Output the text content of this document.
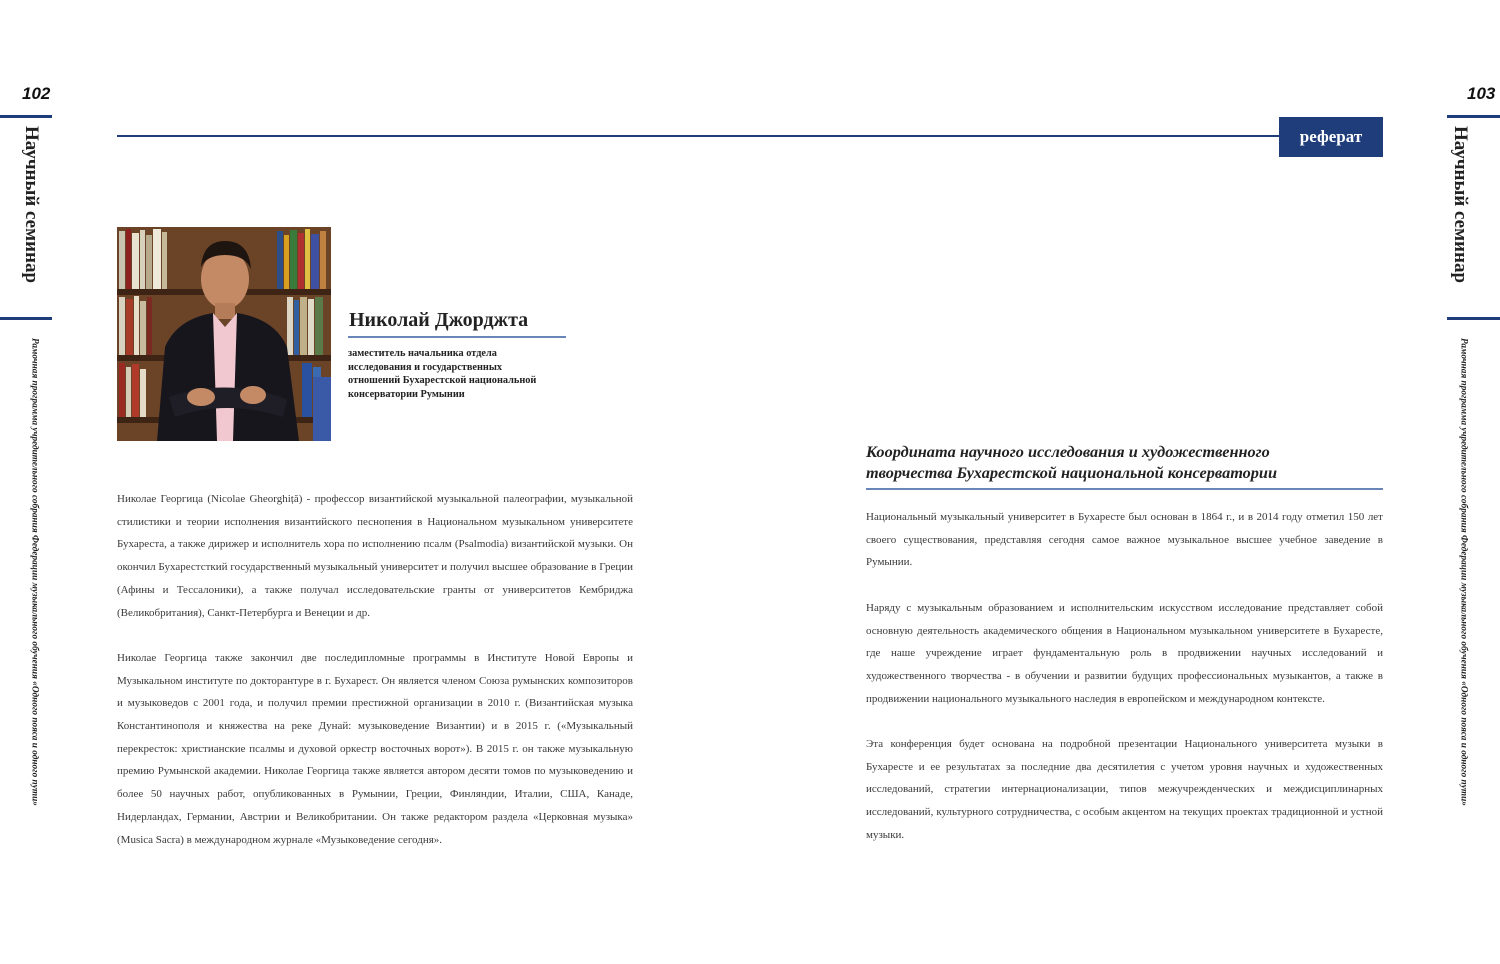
102
Научный семинар
Рамочная программа учредительного собрания Федерации музыкального обучения «Одного пояса и одного пути»
103
Научный семинар
Рамочная программа учредительного собрания Федерации музыкального обучения «Одного пояса и одного пути»
реферат
Николай Джорджта
заместитель начальника отдела
исследования и государственных
отношений Бухарестской национальной
консерватории Румынии

Николае Георгица (Nicolae Gheorghiță) - профессор византийской музыкальной палеографии, музыкальной стилистики и теории исполнения византийского песнопения в Национальном музыкальном университете Бухареста, а также дирижер и исполнитель хора по исполнению псалм (Psalmodia) византийской музыки. Он окончил Бухарестсткий государственный музыкальный университет и получил высшее образование в Греции (Афины и Тессалоники), а также получал исследовательские гранты от университетов Кембриджа (Великобритания), Санкт-Петербурга и Венеции и др.

Николае Георгица также закончил две последипломные программы в Институте Новой Европы и Музыкальном институте по докторантуре в г. Бухарест. Он является членом Союза румынских композиторов и музыковедов с 2001 года, и получил премии престижной организации в 2010 г. (Византийская музыка Константинополя и княжества на реке Дунай: музыковедение Византии) и в 2015 г. («Музыкальный перекресток: христианские псалмы и духовой оркестр восточных ворот»). В 2015 г. он также музыкальную премию Румынской академии. Николае Георгица также является автором десяти томов по музыковедению и более 50 научных работ, опубликованных в Румынии, Греции, Финляндии, Италии, США, Канаде, Нидерландах, Германии, Австрии и Великобритании. Он также редактором раздела «Церковная музыка» (Musica Sacra) в международном журнале «Музыковедение сегодня».

Координата научного исследования и художественного
творчества Бухарестской национальной консерватории

Национальный музыкальный университет в Бухаресте был основан в 1864 г., и в 2014 году отметил 150 лет своего существования, представляя сегодня самое важное музыкальное высшее учебное заведение в Румынии.

Наряду с музыкальным образованием и исполнительским искусством исследование представляет собой основную деятельность академического общения в Национальном музыкальном университете в Бухаресте, где наше учреждение играет фундаментальную роль в продвижении научных исследований и художественного творчества - в обучении и развитии будущих профессиональных музыкантов, а также в продвижении национального музыкального наследия в европейском и международном контексте.

Эта конференция будет основана на подробной презентации Национального университета музыки в Бухаресте и ее результатах за последние два десятилетия с учетом уровня научных и художественных исследований, стратегии интернационализации, типов межучрежденческих и междисциплинарных исследований, культурного сотрудничества, с особым акцентом на текущих проектах традиционной и устной музыки.
